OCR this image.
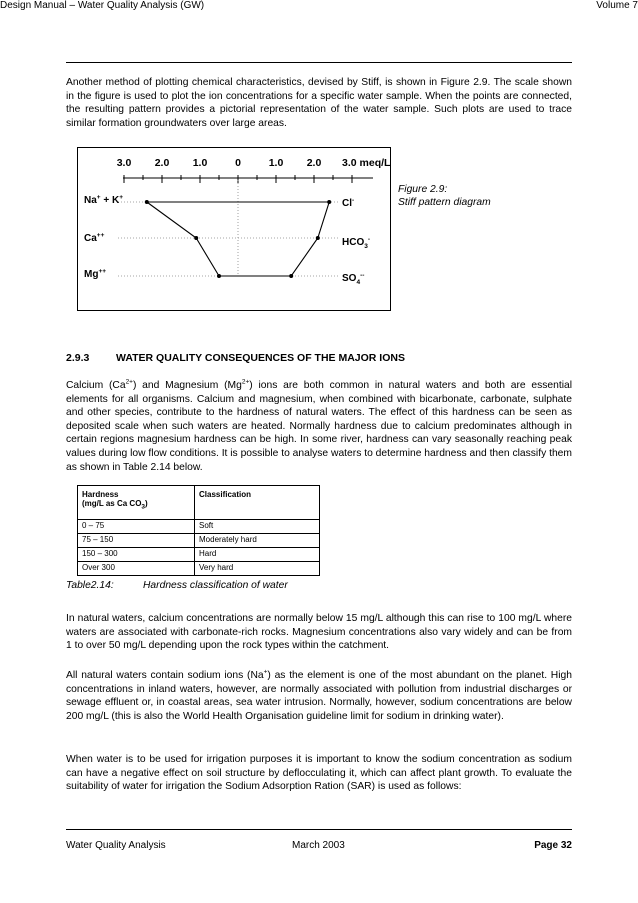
Design Manual – Water Quality Analysis (GW)	Volume 7

Another method of plotting chemical characteristics, devised by Stiff, is shown in Figure 2.9. The scale shown in the figure is used to plot the ion concentrations for a specific water sample. When the points are connected, the resulting pattern provides a pictorial representation of the water sample. Such plots are used to trace similar formation groundwaters over large areas.

3.0 2.0 1.0	0	1.0 2.0 3.0 meq/L
Na+ + K+
Ca++
Mg++
Cl-
$HCO_3^-$
$SO_4^{--}$
Figure 2.9:
Stiff pattern diagram
2.9.3	WATER QUALITY CONSEQUENCES OF THE MAJOR IONS

Calcium $(Ca^{2+})$ and Magnesium $(Mg^{2+})$ ions are both common in natural waters and both are essential elements for all organisms. Calcium and magnesium, when combined with bicarbonate, carbonate, sulphate and other species, contribute to the hardness of natural waters. The effect of this hardness can be seen as deposited scale when such waters are heated. Normally hardness due to calcium predominates although in certain regions magnesium hardness can be high. In some river, hardness can vary seasonally reaching peak values during low flow conditions. It is possible to analyse waters to determine hardness and then classify them as shown in Table 2.14 below.

Hardness
(mg/L as Ca $CO_3$)	Classification
0 – 75	Soft
75 – 150	Moderately hard
150 – 300	Hard
Over 300	Very hard
Table2.14:	Hardness classification of water

In natural waters, calcium concentrations are normally below 15 mg/L although this can rise to 100 mg/L where waters are associated with carbonate-rich rocks. Magnesium concentrations also vary widely and can be from 1 to over 50 mg/L depending upon the rock types within the catchment.

All natural waters contain sodium ions (Na+) as the element is one of the most abundant on the planet. High concentrations in inland waters, however, are normally associated with pollution from industrial discharges or sewage effluent or, in coastal areas, sea water intrusion. Normally, however, sodium concentrations are below 200 mg/L (this is also the World Health Organisation guideline limit for sodium in drinking water).

When water is to be used for irrigation purposes it is important to know the sodium concentration as sodium can have a negative effect on soil structure by deflocculating it, which can affect plant growth. To evaluate the suitability of water for irrigation the Sodium Adsorption Ration (SAR) is used as follows:

Water Quality Analysis	March 2003	Page 32
